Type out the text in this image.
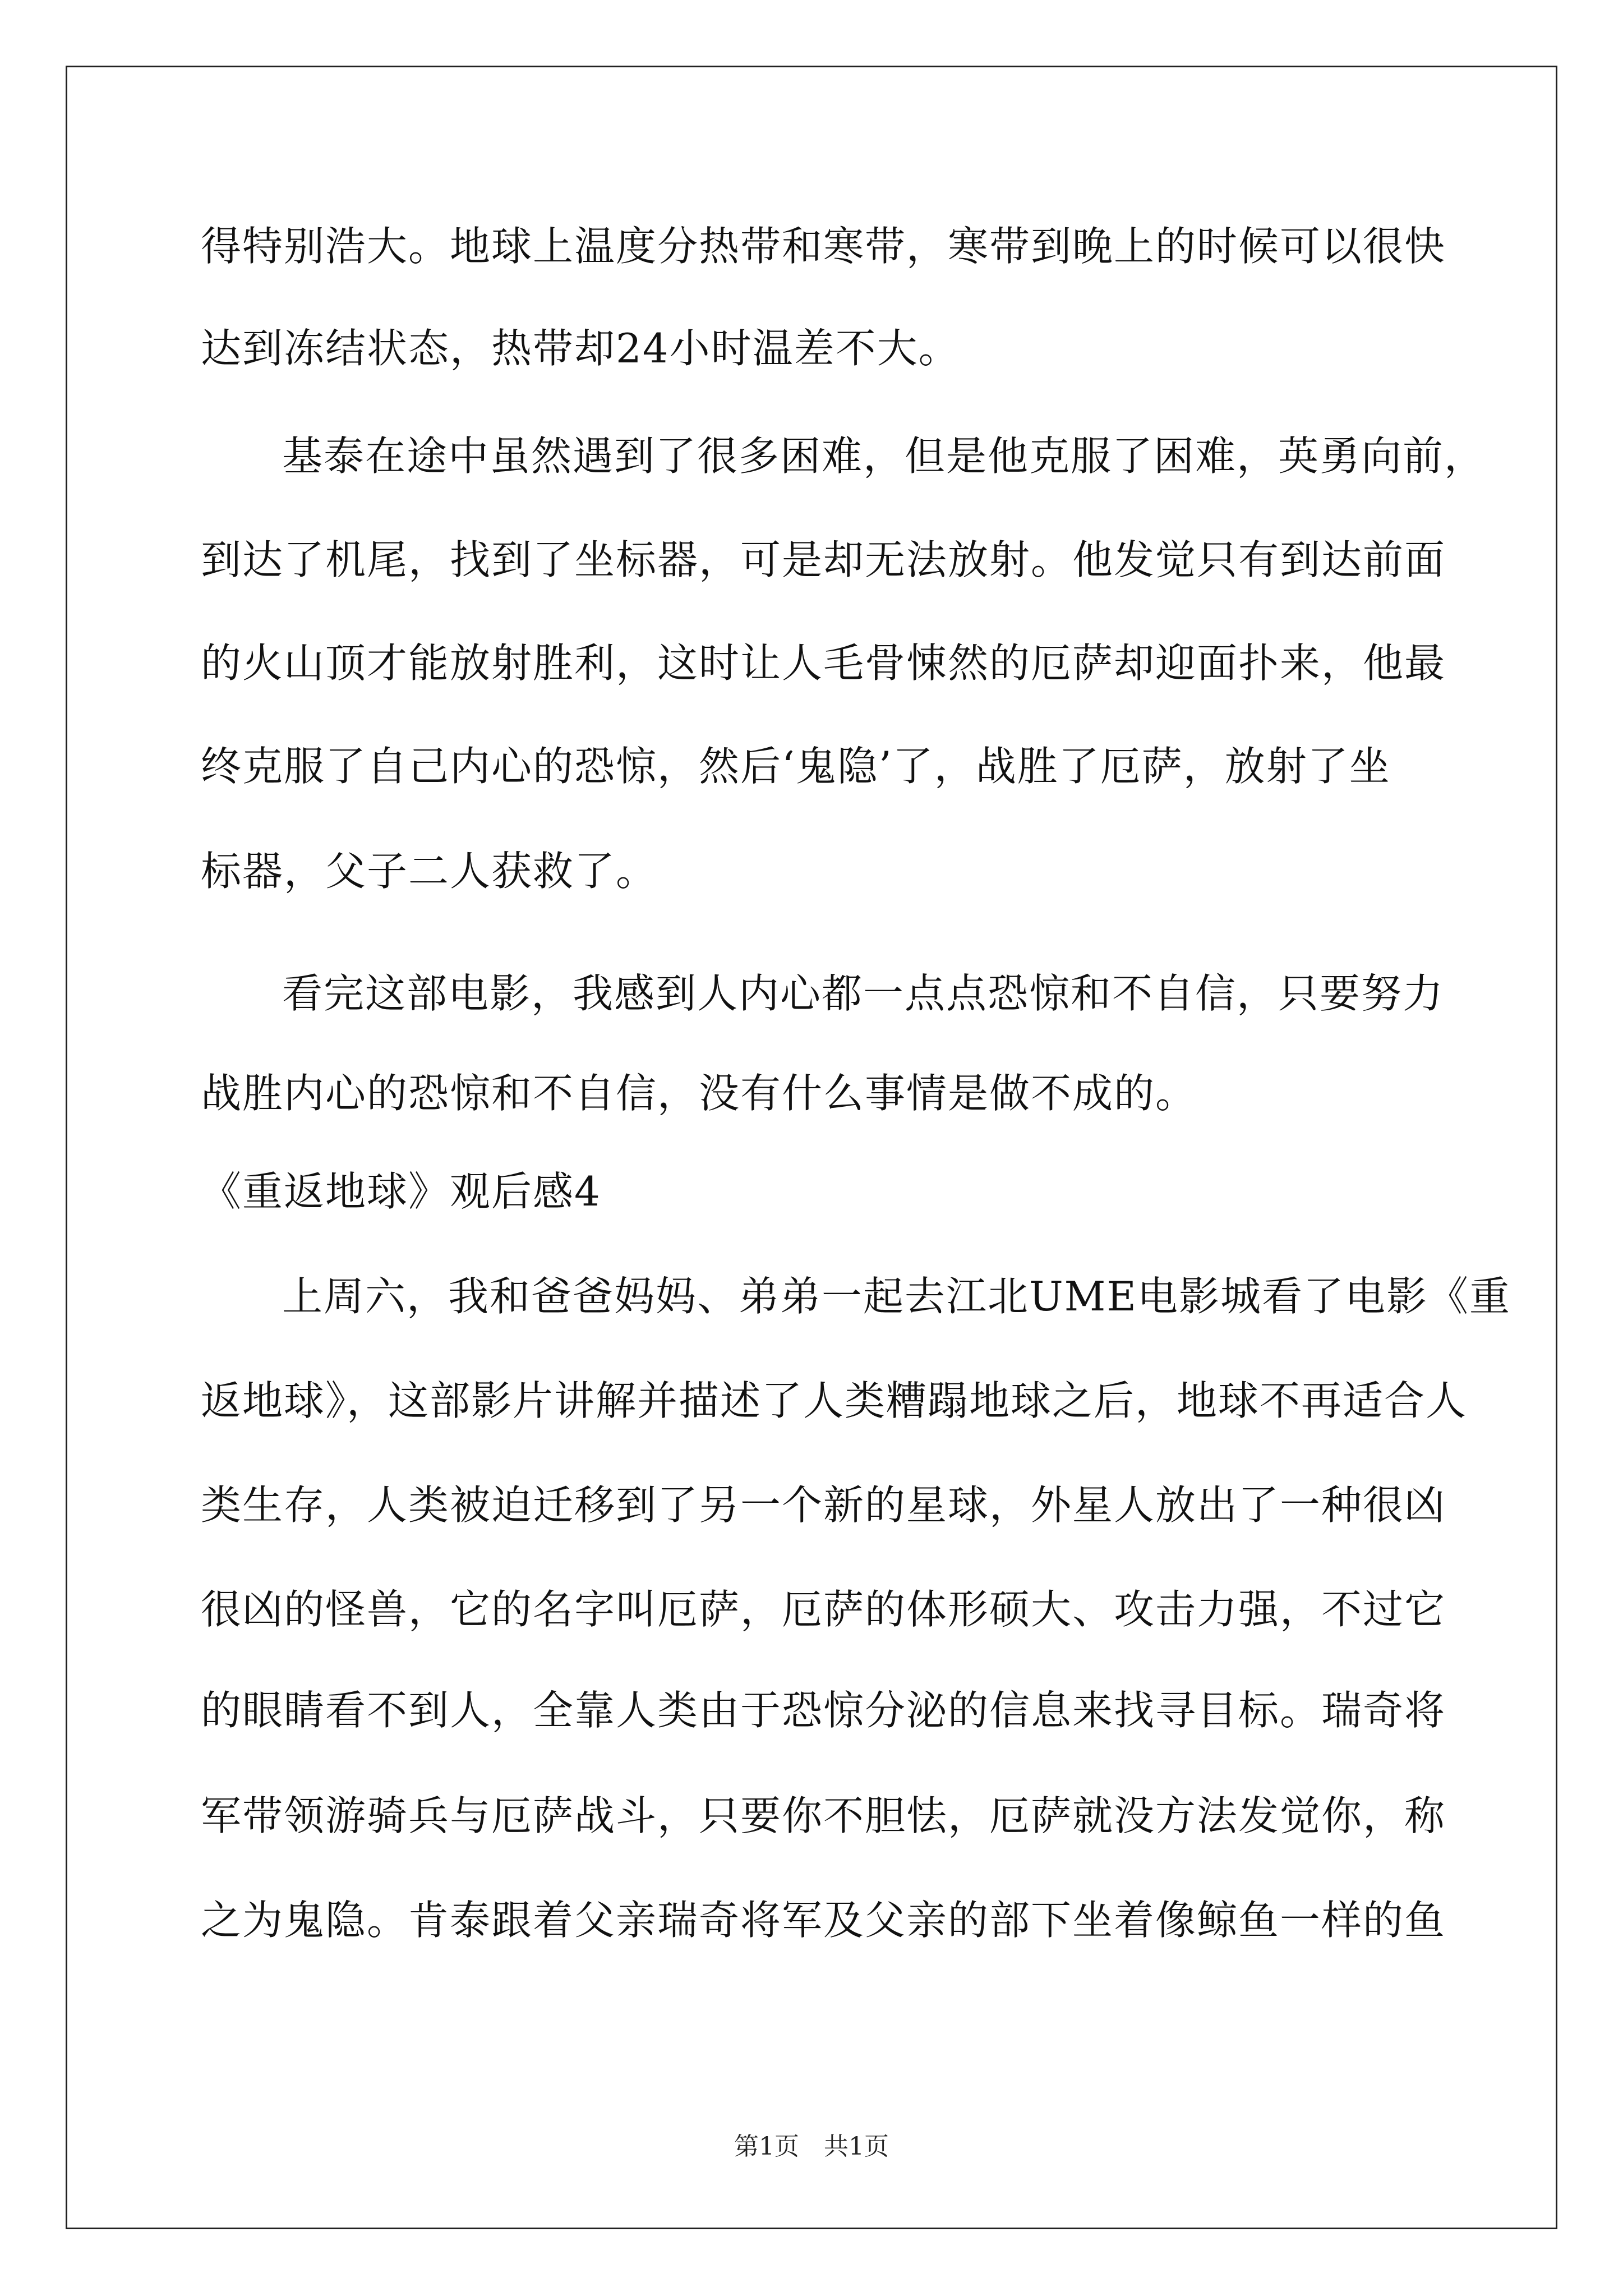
得特别浩大。地球上温度分热带和寒带，寒带到晚上的时候可以很快

达到冻结状态，热带却24小时温差不大。

基泰在途中虽然遇到了很多困难，但是他克服了困难，英勇向前，

到达了机尾，找到了坐标器，可是却无法放射。他发觉只有到达前面

的火山顶才能放射胜利，这时让人毛骨悚然的厄萨却迎面扑来，他最

终克服了自己内心的恐惊，然后‘鬼隐’了，战胜了厄萨，放射了坐

标器，父子二人获救了。

看完这部电影，我感到人内心都一点点恐惊和不自信，只要努力

战胜内心的恐惊和不自信，没有什么事情是做不成的。

《重返地球》观后感4

上周六，我和爸爸妈妈、弟弟一起去江北UME电影城看了电影《重

返地球》，这部影片讲解并描述了人类糟蹋地球之后，地球不再适合人

类生存，人类被迫迁移到了另一个新的星球，外星人放出了一种很凶

很凶的怪兽，它的名字叫厄萨，厄萨的体形硕大、攻击力强，不过它

的眼睛看不到人，全靠人类由于恐惊分泌的信息来找寻目标。瑞奇将

军带领游骑兵与厄萨战斗，只要你不胆怯，厄萨就没方法发觉你，称

之为鬼隐。肯泰跟着父亲瑞奇将军及父亲的部下坐着像鲸鱼一样的鱼

第1页　共1页
